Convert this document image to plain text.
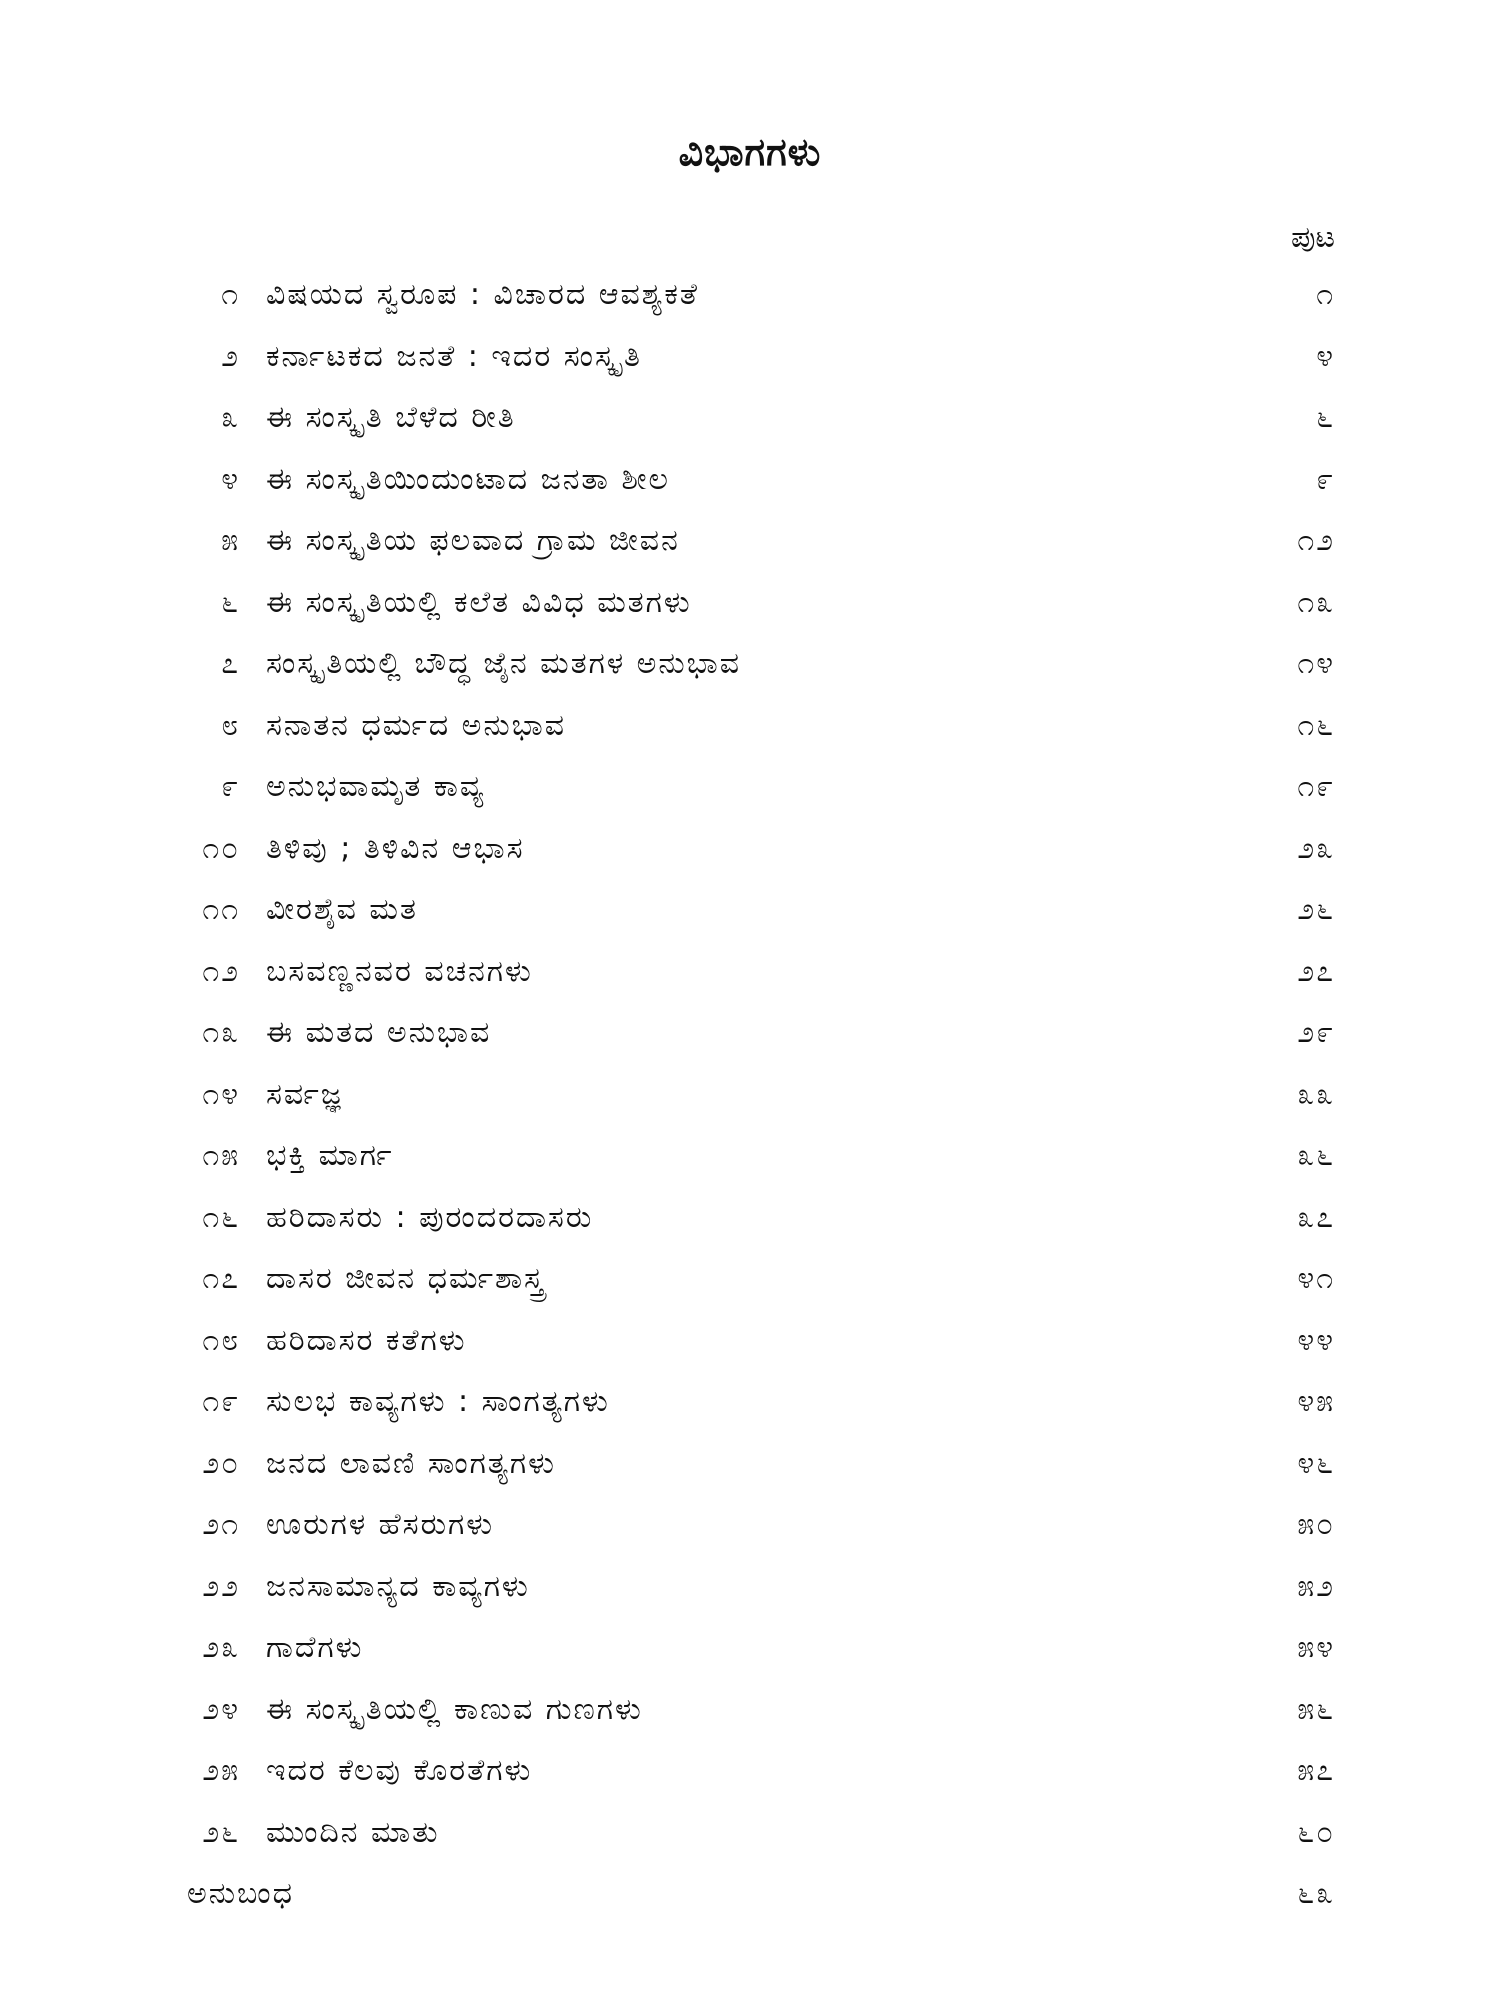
ವಿಭಾಗಗಳು
ಪುಟ
೧ ವಿಷಯದ ಸ್ವರೂಪ : ವಿಚಾರದ ಆವಶ್ಯಕತೆ	೧
೨ ಕರ್ನಾಟಕದ ಜನತೆ : ಇದರ ಸಂಸ್ಕೃತಿ	೪
೩ ಈ ಸಂಸ್ಕೃತಿ ಬೆಳೆದ ರೀತಿ	೬
೪ ಈ ಸಂಸ್ಕೃತಿಯಿಂದುಂಟಾದ ಜನತಾ ಶೀಲ	೯
೫ ಈ ಸಂಸ್ಕೃತಿಯ ಫಲವಾದ ಗ್ರಾಮ ಜೀವನ	೧೨
೬ ಈ ಸಂಸ್ಕೃತಿಯಲ್ಲಿ ಕಲೆತ ವಿವಿಧ ಮತಗಳು	೧೩
೭ ಸಂಸ್ಕೃತಿಯಲ್ಲಿ ಬೌದ್ಧ ಜೈನ ಮತಗಳ ಅನುಭಾವ	೧೪
೮ ಸನಾತನ ಧರ್ಮದ ಅನುಭಾವ	೧೬
೯ ಅನುಭವಾಮೃತ ಕಾವ್ಯ	೧೯
೧೦ ತಿಳಿವು ; ತಿಳಿವಿನ ಆಭಾಸ	೨೩
೧೧ ವೀರಶೈವ ಮತ	೨೬
೧೨ ಬಸವಣ್ಣನವರ ವಚನಗಳು	೨೭
೧೩ ಈ ಮತದ ಅನುಭಾವ	೨೯
೧೪ ಸರ್ವಜ್ಞ	೩೩
೧೫ ಭಕ್ತಿ ಮಾರ್ಗ	೩೬
೧೬ ಹರಿದಾಸರು : ಪುರಂದರದಾಸರು	೩೭
೧೭ ದಾಸರ ಜೀವನ ಧರ್ಮಶಾಸ್ತ್ರ	೪೧
೧೮ ಹರಿದಾಸರ ಕತೆಗಳು	೪೪
೧೯ ಸುಲಭ ಕಾವ್ಯಗಳು : ಸಾಂಗತ್ಯಗಳು	೪೫
೨೦ ಜನದ ಲಾವಣಿ ಸಾಂಗತ್ಯಗಳು	೪೬
೨೧ ಊರುಗಳ ಹೆಸರುಗಳು	೫೦
೨೨ ಜನಸಾಮಾನ್ಯದ ಕಾವ್ಯಗಳು	೫೨
೨೩ ಗಾದೆಗಳು	೫೪
೨೪ ಈ ಸಂಸ್ಕೃತಿಯಲ್ಲಿ ಕಾಣುವ ಗುಣಗಳು	೫೬
೨೫ ಇದರ ಕೆಲವು ಕೊರತೆಗಳು	೫೭
೨೬ ಮುಂದಿನ ಮಾತು	೬೦
ಅನುಬಂಧ	೬೩
